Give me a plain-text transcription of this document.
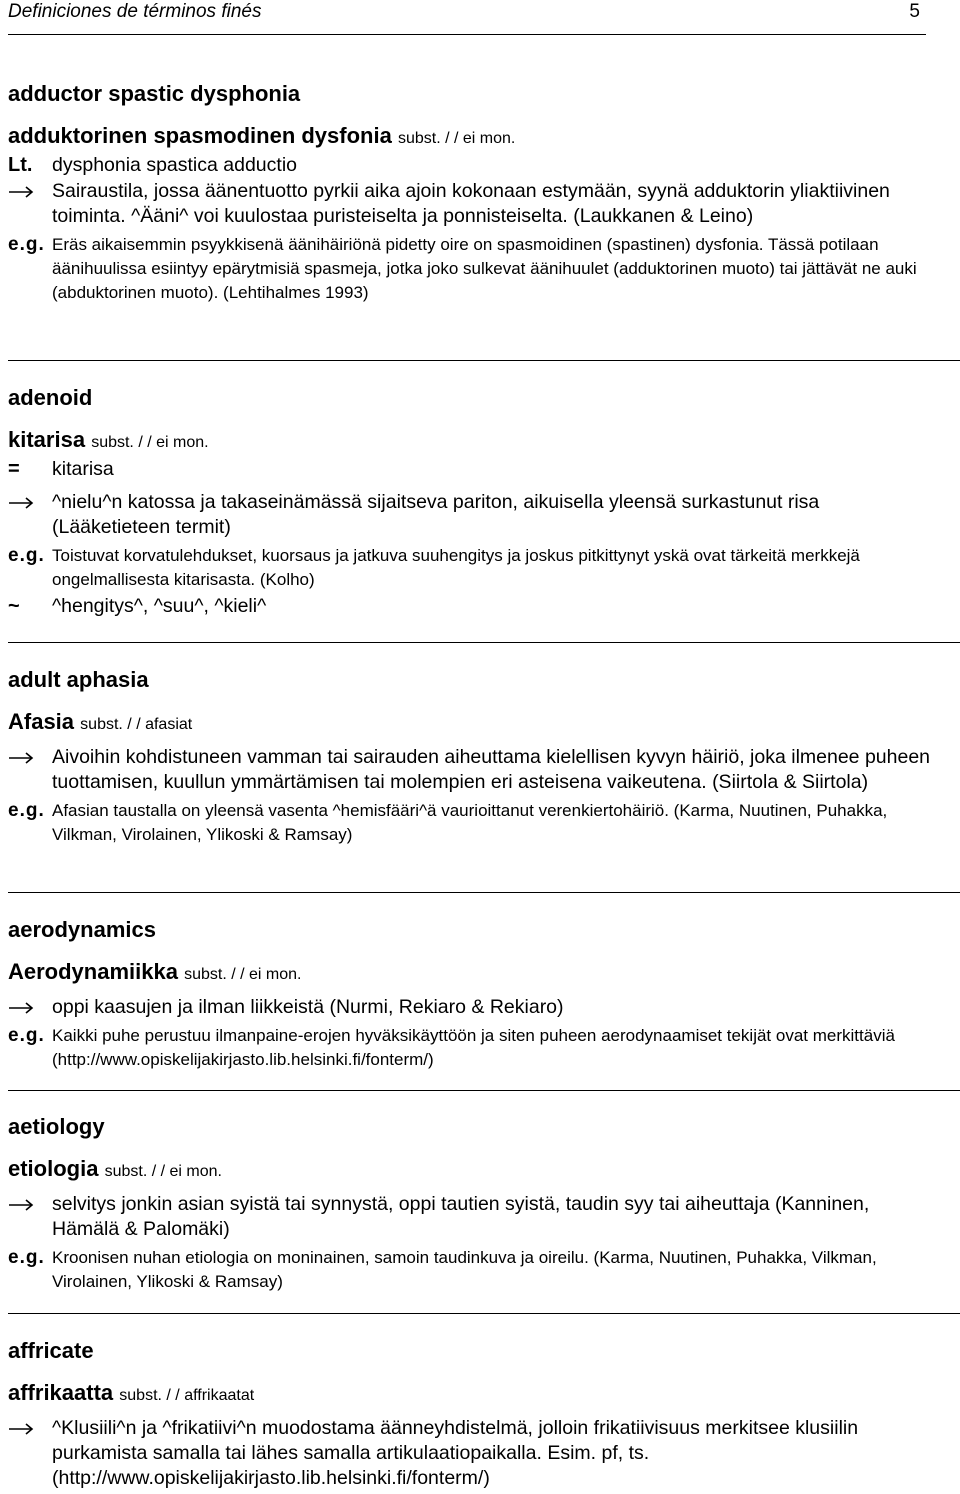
Definiciones de términos finés	5
adductor spastic dysphonia
adduktorinen spasmodinen dysfonia subst. / / ei mon.
Lt.	dysphonia spastica adductio
Sairaustila, jossa äänentuotto pyrkii aika ajoin kokonaan estymään, syynä adduktorin yliaktiivinen toiminta. ^Ääni^ voi kuulostaa puristeiselta ja ponnisteiselta. (Laukkanen & Leino)
e.g. Eräs aikaisemmin psyykkisenä äänihäiriönä pidetty oire on spasmoidinen (spastinen) dysfonia. Tässä potilaan äänihuulissa esiintyy epärytmisiä spasmeja, jotka joko sulkevat äänihuulet (adduktorinen muoto) tai jättävät ne auki (abduktorinen muoto). (Lehtihalmes 1993)
adenoid
kitarisa subst. / / ei mon.
=	kitarisa
^nielu^n katossa ja takaseinämässä sijaitseva pariton, aikuisella yleensä surkastunut risa (Lääketieteen termit)
e.g. Toistuvat korvatulehdukset, kuorsaus ja jatkuva suuhengitys ja joskus pitkittynyt yskä ovat tärkeitä merkkejä ongelmallisesta kitarisasta. (Kolho)
~	^hengitys^, ^suu^, ^kieli^
adult aphasia
Afasia subst. / / afasiat
Aivoihin kohdistuneen vamman tai sairauden aiheuttama kielellisen kyvyn häiriö, joka ilmenee puheen tuottamisen, kuullun ymmärtämisen tai molempien eri asteisena vaikeutena. (Siirtola & Siirtola)
e.g. Afasian taustalla on yleensä vasenta ^hemisfääri^ä vaurioittanut verenkiertohäiriö. (Karma, Nuutinen, Puhakka, Vilkman, Virolainen, Ylikoski & Ramsay)
aerodynamics
Aerodynamiikka subst. / / ei mon.
oppi kaasujen ja ilman liikkeistä (Nurmi, Rekiaro & Rekiaro)
e.g. Kaikki puhe perustuu ilmanpaine-erojen hyväksikäyttöön ja siten puheen aerodynaamiset tekijät ovat merkittäviä (http://www.opiskelijakirjasto.lib.helsinki.fi/fonterm/)
aetiology
etiologia subst. / / ei mon.
selvitys jonkin asian syistä tai synnystä, oppi tautien syistä, taudin syy tai aiheuttaja (Kanninen, Hämälä & Palomäki)
e.g. Kroonisen nuhan etiologia on moninainen, samoin taudinkuva ja oireilu. (Karma, Nuutinen, Puhakka, Vilkman, Virolainen, Ylikoski & Ramsay)
affricate
affrikaatta subst. / / affrikaatat
^Klusiili^n ja ^frikatiivi^n muodostama äänneyhdistelmä, jolloin frikatiivisuus merkitsee klusiilin purkamista samalla tai lähes samalla artikulaatiopaikalla. Esim. pf, ts. (http://www.opiskelijakirjasto.lib.helsinki.fi/fonterm/)
